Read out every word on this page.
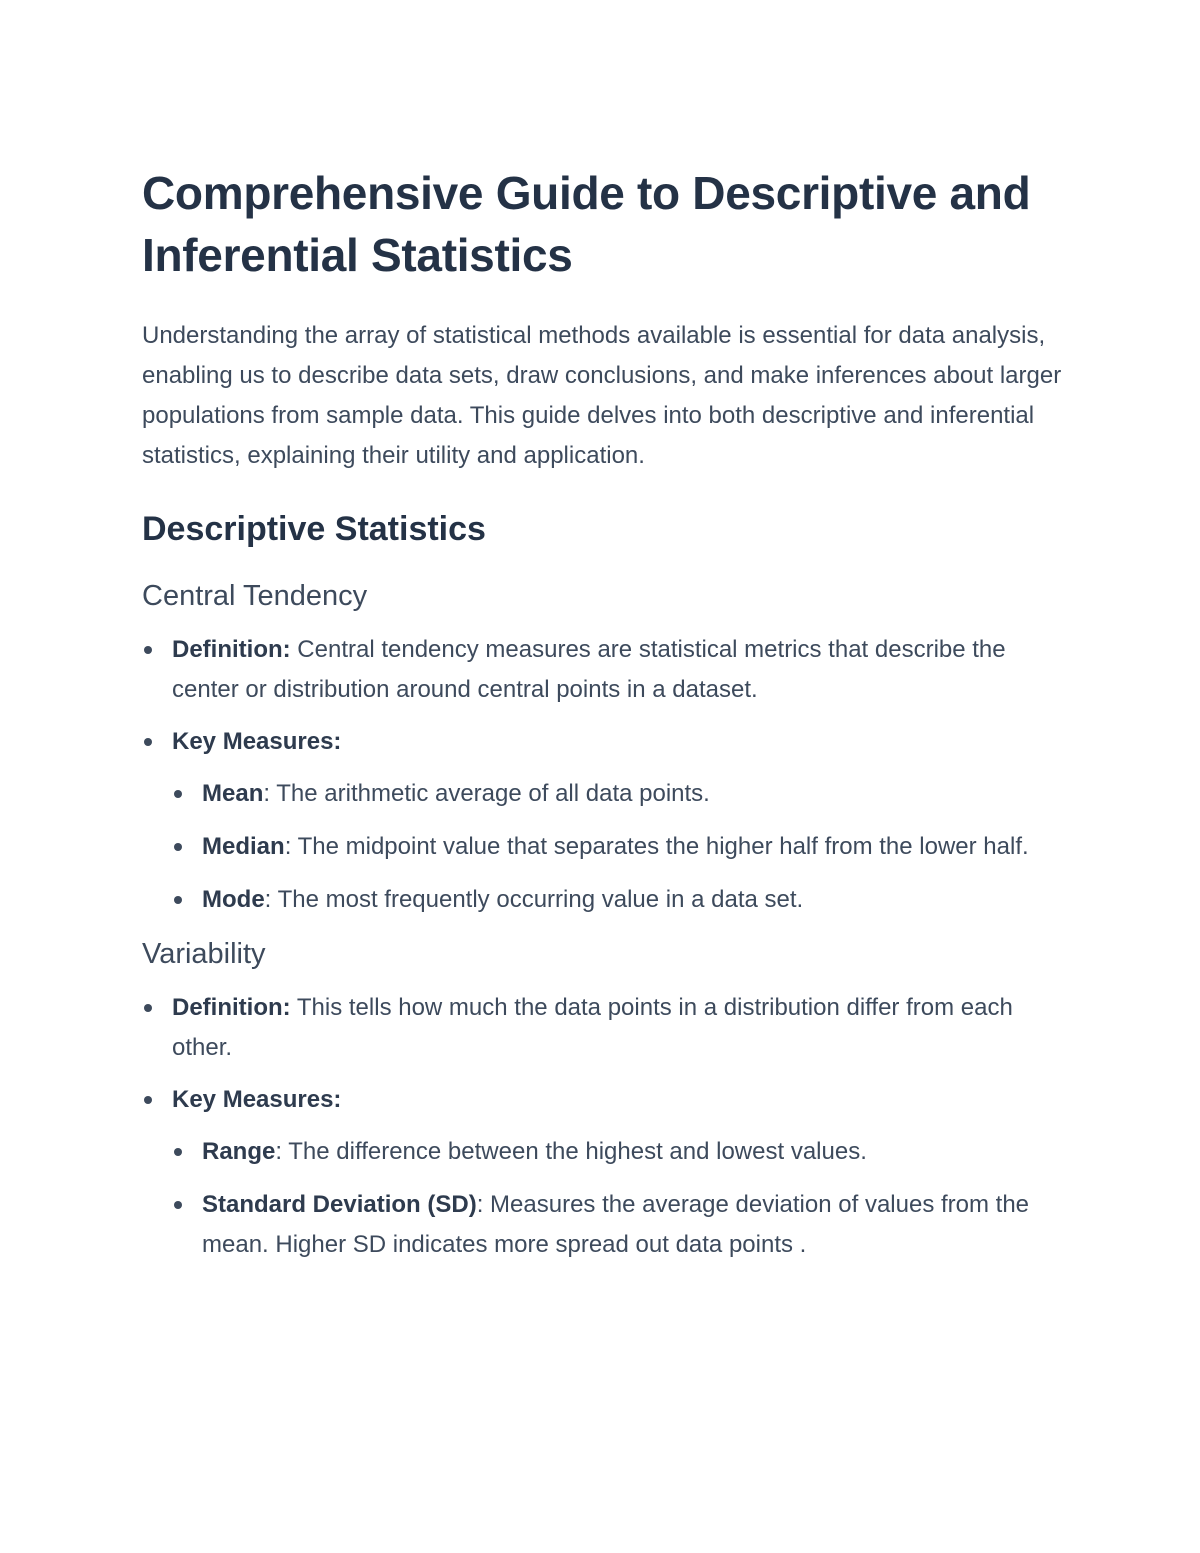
Comprehensive Guide to Descriptive and Inferential Statistics

Understanding the array of statistical methods available is essential for data analysis, enabling us to describe data sets, draw conclusions, and make inferences about larger populations from sample data. This guide delves into both descriptive and inferential statistics, explaining their utility and application.

Descriptive Statistics
Central Tendency
Definition: Central tendency measures are statistical metrics that describe the center or distribution around central points in a dataset.
Key Measures:
Mean: The arithmetic average of all data points.
Median: The midpoint value that separates the higher half from the lower half.
Mode: The most frequently occurring value in a data set.
Variability
Definition: This tells how much the data points in a distribution differ from each other.
Key Measures:
Range: The difference between the highest and lowest values.
Standard Deviation (SD): Measures the average deviation of values from the mean. Higher SD indicates more spread out data points .
